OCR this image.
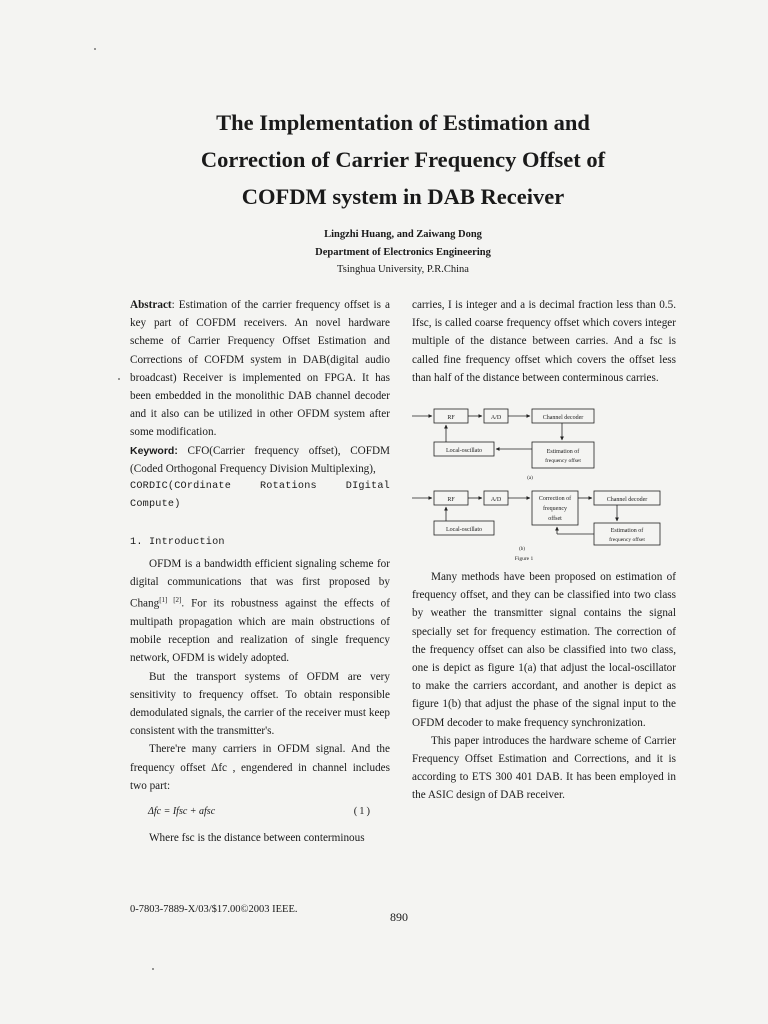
The Implementation of Estimation and
Correction of Carrier Frequency Offset of
COFDM system in DAB Receiver
Lingzhi Huang, and Zaiwang Dong
Department of Electronics Engineering
Tsinghua University, P.R.China

Abstract: Estimation of the carrier frequency offset is a key part of COFDM receivers. An novel hardware scheme of Carrier Frequency Offset Estimation and Corrections of COFDM system in DAB(digital audio broadcast) Receiver is implemented on FPGA. It has been embedded in the monolithic DAB channel decoder and it also can be utilized in other OFDM system after some modification.

Keyword: CFO(Carrier frequency offset), COFDM (Coded Orthogonal Frequency Division Multiplexing),

CORDIC(COrdinate Rotations DIgital Compute)

1. Introduction

OFDM is a bandwidth efficient signaling scheme for digital communications that was first proposed by Chang[1] [2]. For its robustness against the effects of multipath propagation which are main obstructions of mobile reception and realization of single frequency network, OFDM is widely adopted.

But the transport systems of OFDM are very sensitivity to frequency offset. To obtain responsible demodulated signals, the carrier of the receiver must keep consistent with the transmitter's.

There're many carriers in OFDM signal. And the frequency offset Δfc , engendered in channel includes two part:

Δfc = Ifsc + afsc	(1)

Where fsc is the distance between conterminous

carries, I is integer and a is decimal fraction less than 0.5. Ifsc, is called coarse frequency offset which covers integer multiple of the distance between carries. And a fsc is called fine frequency offset which covers the offset less than half of the distance between conterminous carries.

RF	A/D	Channel decoder
Local-oscillato	Estimation of
frequency offset
(a)
RF	A/D	Correction of
frequency
offset
Channel decoder
Local-oscillato	Estimation of
frequency offset
(b)
Figure 1

Many methods have been proposed on estimation of frequency offset, and they can be classified into two class by weather the transmitter signal contains the signal specially set for frequency estimation. The correction of the frequency offset can also be classified into two class, one is depict as figure 1(a) that adjust the local-oscillator to make the carriers accordant, and another is depict as figure 1(b) that adjust the phase of the signal input to the OFDM decoder to make frequency synchronization.

This paper introduces the hardware scheme of Carrier Frequency Offset Estimation and Corrections, and it is according to ETS 300 401 DAB. It has been employed in the ASIC design of DAB receiver.

0-7803-7889-X/03/$17.00©2003 IEEE.
890
